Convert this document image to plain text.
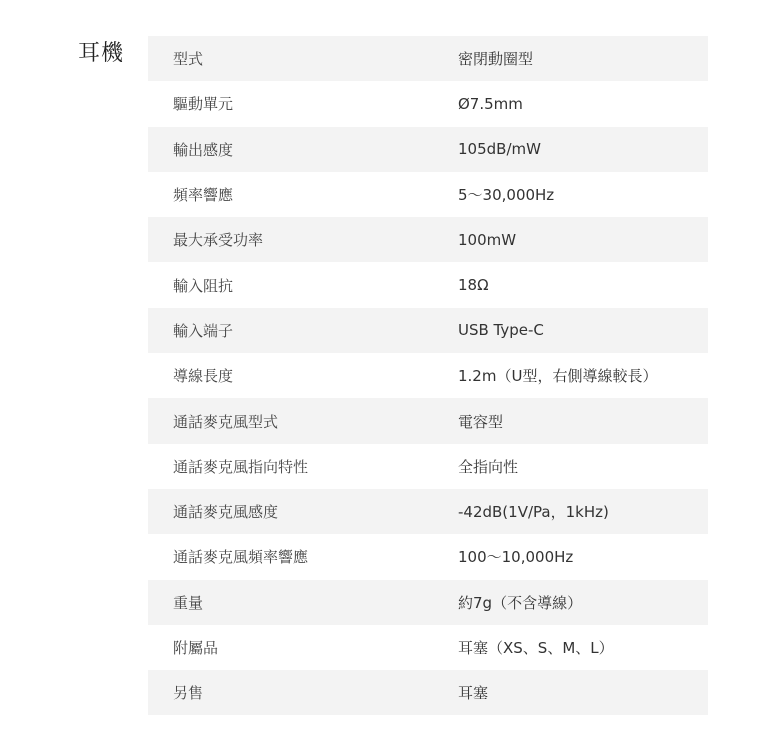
耳機	型式	密閉動圈型
驅動單元	Ø7.5mm
輸出感度	105dB/mW
頻率響應	5～30,000Hz
最大承受功率	100mW
輸入阻抗	18Ω
輸入端子	USB Type-C
導線長度	1.2m（U型，右側導線較長）
通話麥克風型式	電容型
通話麥克風指向特性	全指向性
通話麥克風感度	-42dB(1V/Pa，1kHz)
通話麥克風頻率響應	100～10,000Hz
重量	約7g（不含導線）
附屬品	耳塞（XS、S、M、L）
另售	耳塞
